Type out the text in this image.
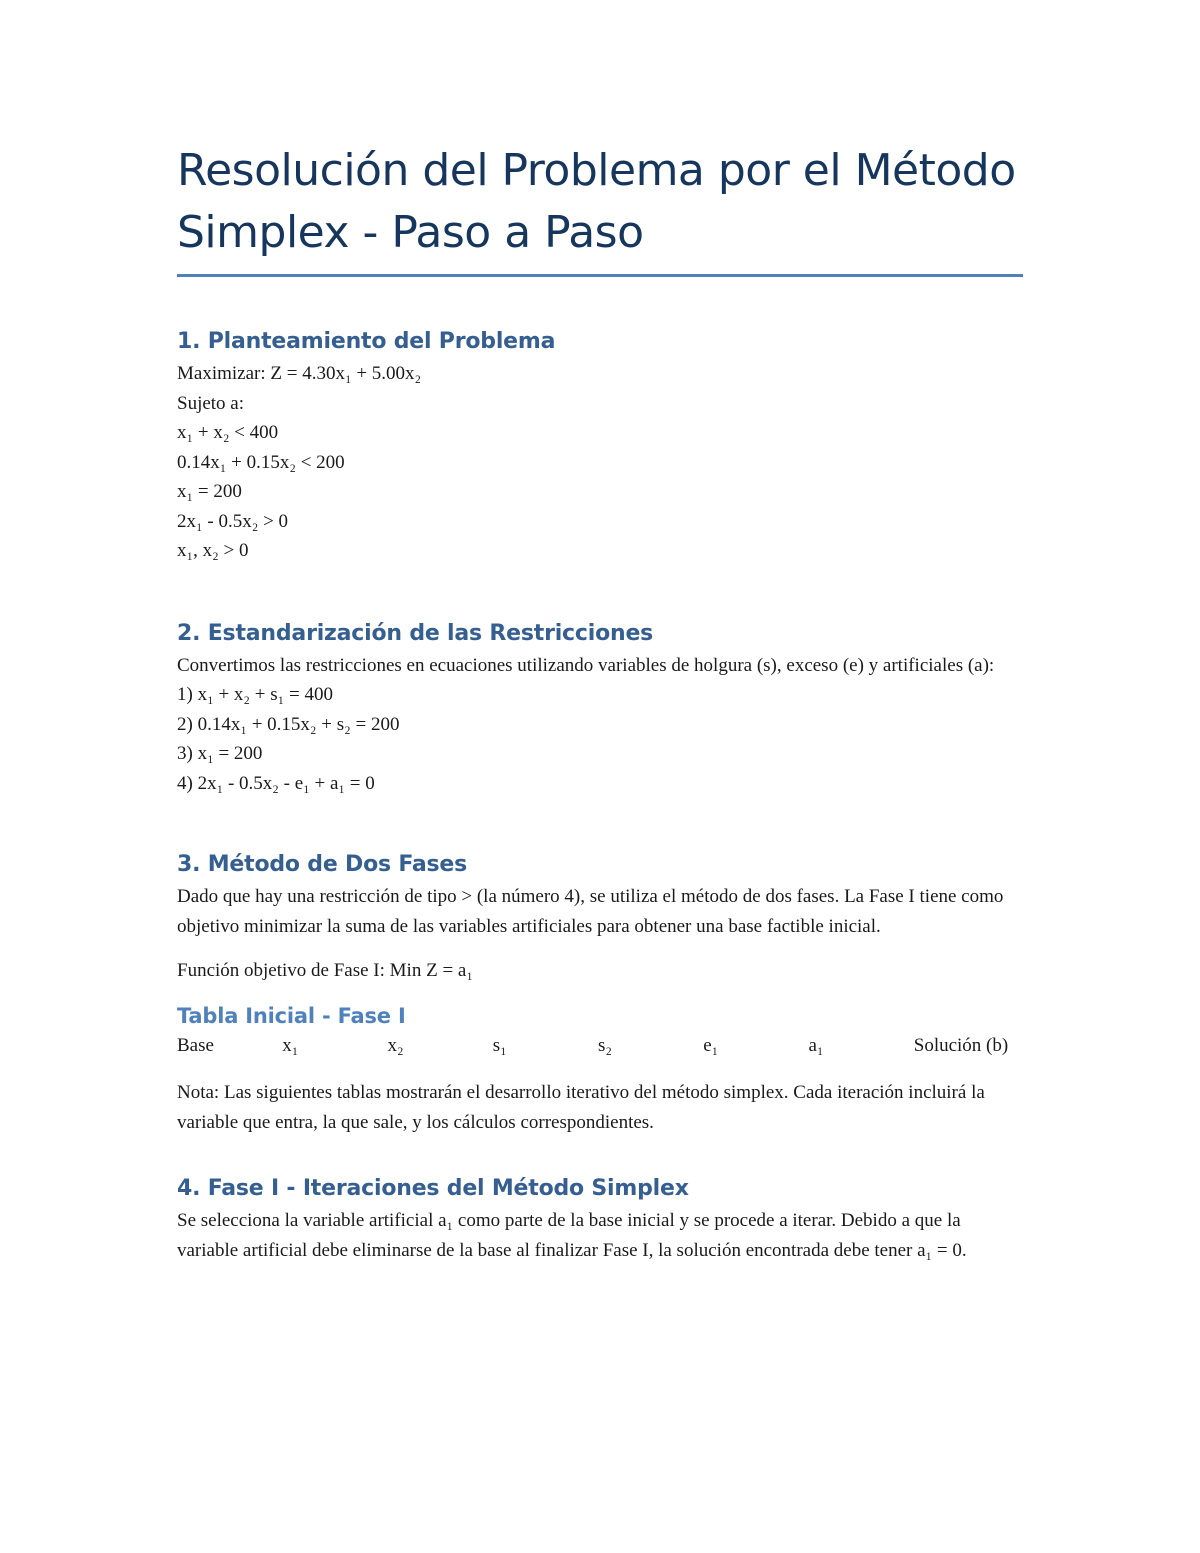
Resolución del Problema por el Método Simplex - Paso a Paso
1. Planteamiento del Problema

Maximizar: Z = 4.30x₁ + 5.00x₂

Sujeto a:

x₁ + x₂ < 400

0.14x₁ + 0.15x₂ < 200

x₁ = 200

2x₁ - 0.5x₂ > 0

x₁, x₂ > 0

2. Estandarización de las Restricciones

Convertimos las restricciones en ecuaciones utilizando variables de holgura (s), exceso (e) y artificiales (a):

1) x₁ + x₂ + s₁ = 400

2) 0.14x₁ + 0.15x₂ + s₂ = 200

3) x₁ = 200

4) 2x₁ - 0.5x₂ - e₁ + a₁ = 0

3. Método de Dos Fases

Dado que hay una restricción de tipo > (la número 4), se utiliza el método de dos fases. La Fase I tiene como objetivo minimizar la suma de las variables artificiales para obtener una base factible inicial.

Función objetivo de Fase I: Min Z = a₁

Tabla Inicial - Fase I
Base	x₁	x₂	s₁	s₂	e₁	a₁	Solución (b)

Nota: Las siguientes tablas mostrarán el desarrollo iterativo del método simplex. Cada iteración incluirá la variable que entra, la que sale, y los cálculos correspondientes.

4. Fase I - Iteraciones del Método Simplex

Se selecciona la variable artificial a₁ como parte de la base inicial y se procede a iterar. Debido a que la variable artificial debe eliminarse de la base al finalizar Fase I, la solución encontrada debe tener a₁ = 0.
